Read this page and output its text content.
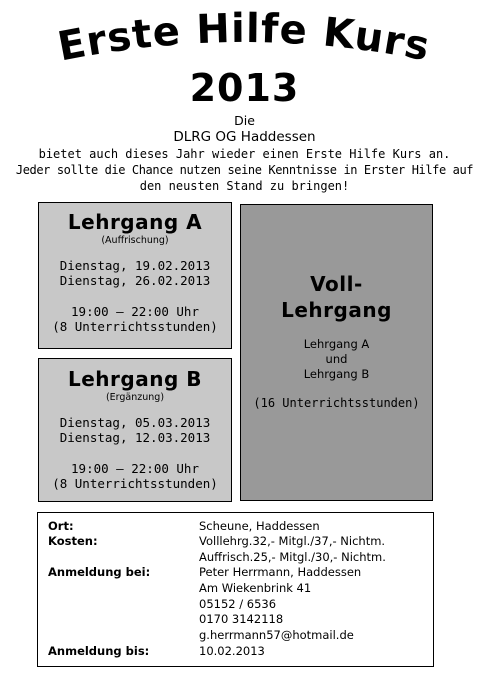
Erste Hilfe Kurs
2013
Die
DLRG OG Haddessen
bietet auch dieses Jahr wieder einen Erste Hilfe Kurs an.
Jeder sollte die Chance nutzen seine Kenntnisse in Erster Hilfe auf
den neusten Stand zu bringen!
Lehrgang A
(Auffrischung)
Dienstag, 19.02.2013
Dienstag, 26.02.2013
19:00 – 22:00 Uhr
(8 Unterrichtsstunden)
Lehrgang B
(Ergänzung)
Dienstag, 05.03.2013
Dienstag, 12.03.2013
19:00 – 22:00 Uhr
(8 Unterrichtsstunden)
Voll-
Lehrgang
Lehrgang A
und
Lehrgang B
(16 Unterrichtsstunden)
Ort:	Scheune, Haddessen
Kosten:	Volllehrg.32,- Mitgl./37,- Nichtm.
Auffrisch.25,- Mitgl./30,- Nichtm.
Anmeldung bei:	Peter Herrmann, Haddessen
Am Wiekenbrink 41
05152 / 6536
0170 3142118
g.herrmann57@hotmail.de
Anmeldung bis:	10.02.2013
